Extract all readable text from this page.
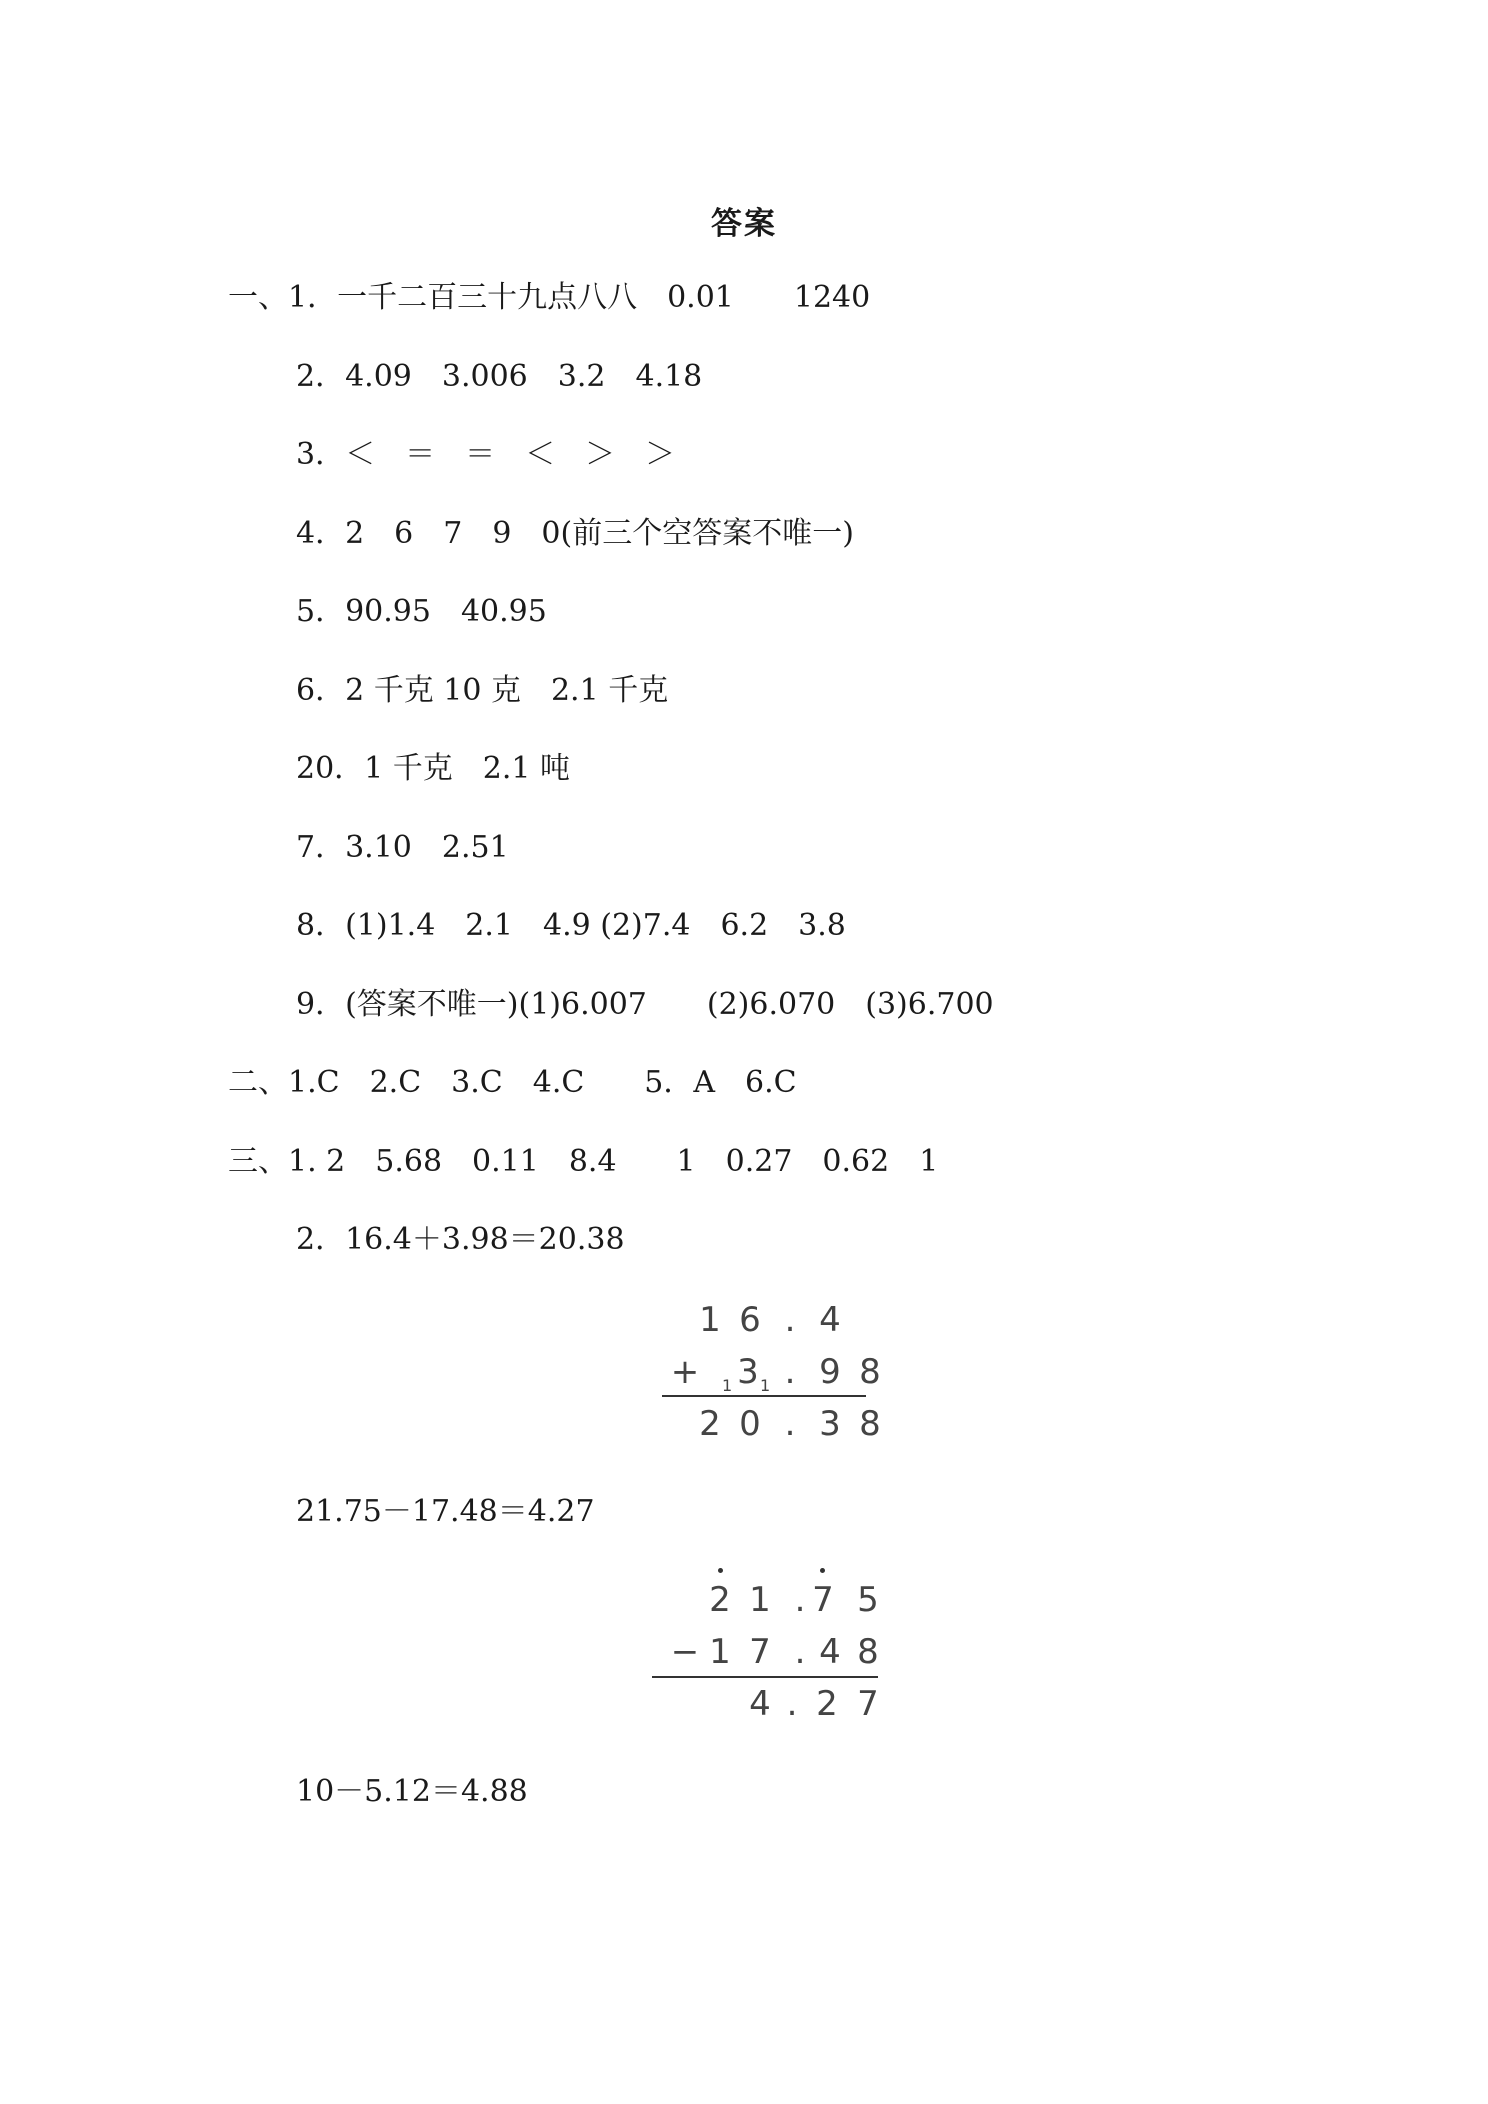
答案
一、1．一千二百三十九点八八　0.01　　1240
2．4.09　3.006　3.2　4.18
3．＜　＝　＝　＜　＞　＞
4．2　6　7　9　0(前三个空答案不唯一)
5．90.95　40.95
6．2 千克 10 克　2.1 千克
20．1 千克　2.1 吨
7．3.10　2.51
8．(1)1.4　2.1　4.9 (2)7.4　6.2　3.8
9．(答案不唯一)(1)6.007　　(2)6.070　(3)6.700
二、1.C　2.C　3.C　4.C　　5．A　6.C
三、1. 2　5.68　0.11　8.4　　1　0.27　0.62　1
2．16.4＋3.98＝20.38
1 6 . 4
+ 1 3 1 . 9 8
2 0 . 3 8
21.75－17.48＝4.27
2 1 . 7 5
− 1 7 . 4 8
4 . 2 7
10－5.12＝4.88
